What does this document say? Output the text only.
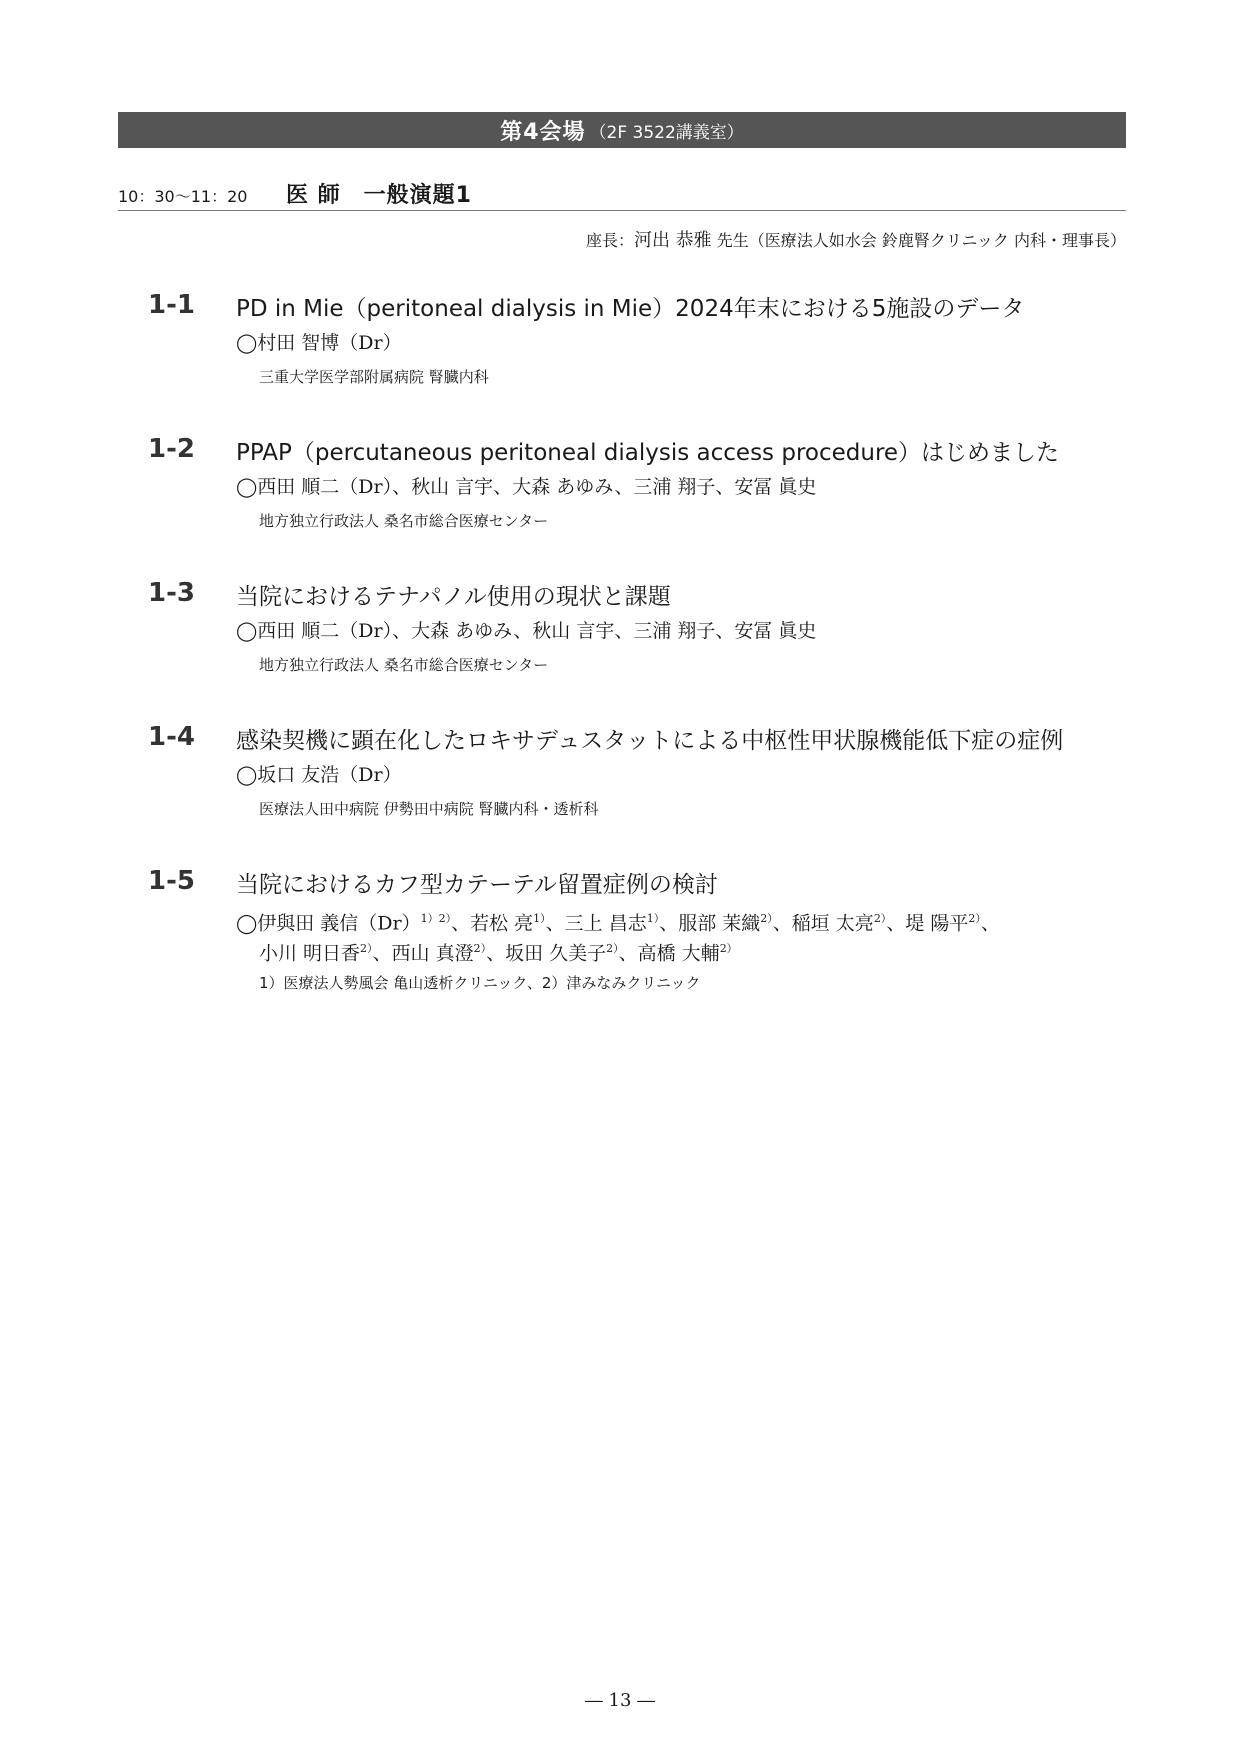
第4会場 （2F 3522講義室）
10：30～11：20 医 師　一般演題1
座長：河出 恭雅 先生（医療法人如水会 鈴鹿腎クリニック 内科・理事長）
1-1 PD in Mie（peritoneal dialysis in Mie）2024年末における5施設のデータ
◯村田 智博（Dr）
三重大学医学部附属病院 腎臓内科
1-2 PPAP（percutaneous peritoneal dialysis access procedure）はじめました
◯西田 順二（Dr）、秋山 言宇、大森 あゆみ、三浦 翔子、安冨 眞史
地方独立行政法人 桑名市総合医療センター
1-3 当院におけるテナパノル使用の現状と課題
◯西田 順二（Dr）、大森 あゆみ、秋山 言宇、三浦 翔子、安冨 眞史
地方独立行政法人 桑名市総合医療センター
1-4 感染契機に顕在化したロキサデュスタットによる中枢性甲状腺機能低下症の症例
◯坂口 友浩（Dr）
医療法人田中病院 伊勢田中病院 腎臓内科・透析科
1-5 当院におけるカフ型カテーテル留置症例の検討
◯伊與田 義信$(Dr)^{1)2)}$、若松 亮$^{1)}$、三上 昌志$^{1)}$、服部 茉織$^{2)}$、稲垣 太亮$^{2)}$、堤 陽平$^{2)}$、
小川 明日香$^{2)}$、西山 真澄$^{2)}$、坂田 久美子$^{2)}$、高橋 大輔$^{2)}$
1）医療法人勢風会 亀山透析クリニック、2）津みなみクリニック
― 13 ―
